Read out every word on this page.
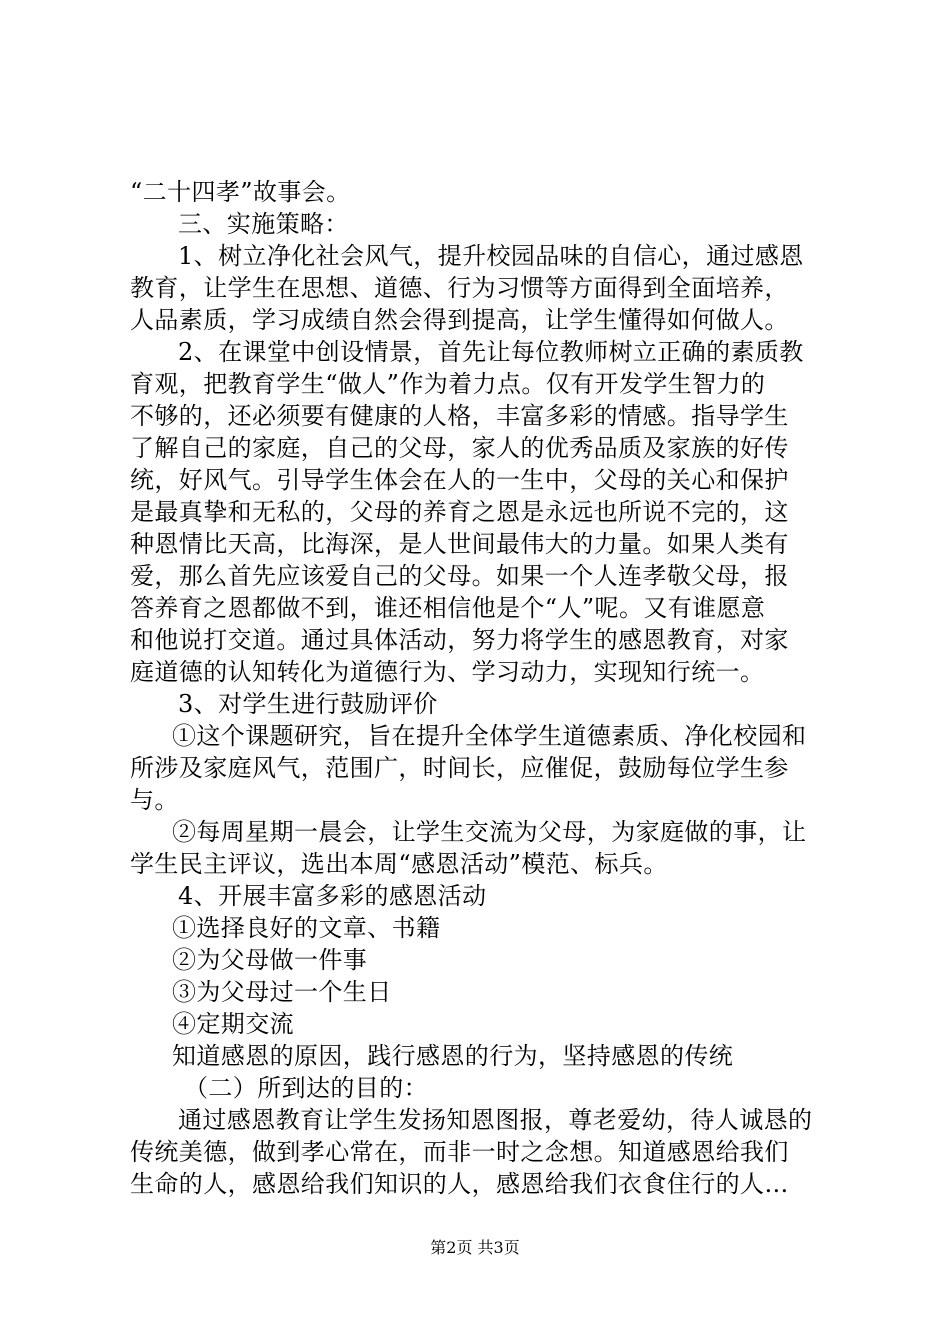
“二十四孝”故事会。
三、实施策略：
1、树立净化社会风气，提升校园品味的自信心，通过感恩
教育，让学生在思想、道德、行为习惯等方面得到全面培养，
人品素质，学习成绩自然会得到提高，让学生懂得如何做人。
2、在课堂中创设情景，首先让每位教师树立正确的素质教
育观，把教育学生“做人”作为着力点。仅有开发学生智力的
不够的，还必须要有健康的人格，丰富多彩的情感。指导学生
了解自己的家庭，自己的父母，家人的优秀品质及家族的好传
统，好风气。引导学生体会在人的一生中，父母的关心和保护
是最真挚和无私的，父母的养育之恩是永远也所说不完的，这
种恩情比天高，比海深，是人世间最伟大的力量。如果人类有
爱，那么首先应该爱自己的父母。如果一个人连孝敬父母，报
答养育之恩都做不到，谁还相信他是个“人”呢。又有谁愿意
和他说打交道。通过具体活动，努力将学生的感恩教育，对家
庭道德的认知转化为道德行为、学习动力，实现知行统一。
3、对学生进行鼓励评价
①这个课题研究，旨在提升全体学生道德素质、净化校园和
所涉及家庭风气，范围广，时间长，应催促，鼓励每位学生参
与。
②每周星期一晨会，让学生交流为父母，为家庭做的事，让
学生民主评议，选出本周“感恩活动”模范、标兵。
4、开展丰富多彩的感恩活动
①选择良好的文章、书籍
②为父母做一件事
③为父母过一个生日
④定期交流
知道感恩的原因，践行感恩的行为，坚持感恩的传统
（二）所到达的目的：
通过感恩教育让学生发扬知恩图报，尊老爱幼，待人诚恳的
传统美德，做到孝心常在，而非一时之念想。知道感恩给我们
生命的人，感恩给我们知识的人，感恩给我们衣食住行的人…
第2页 共3页
